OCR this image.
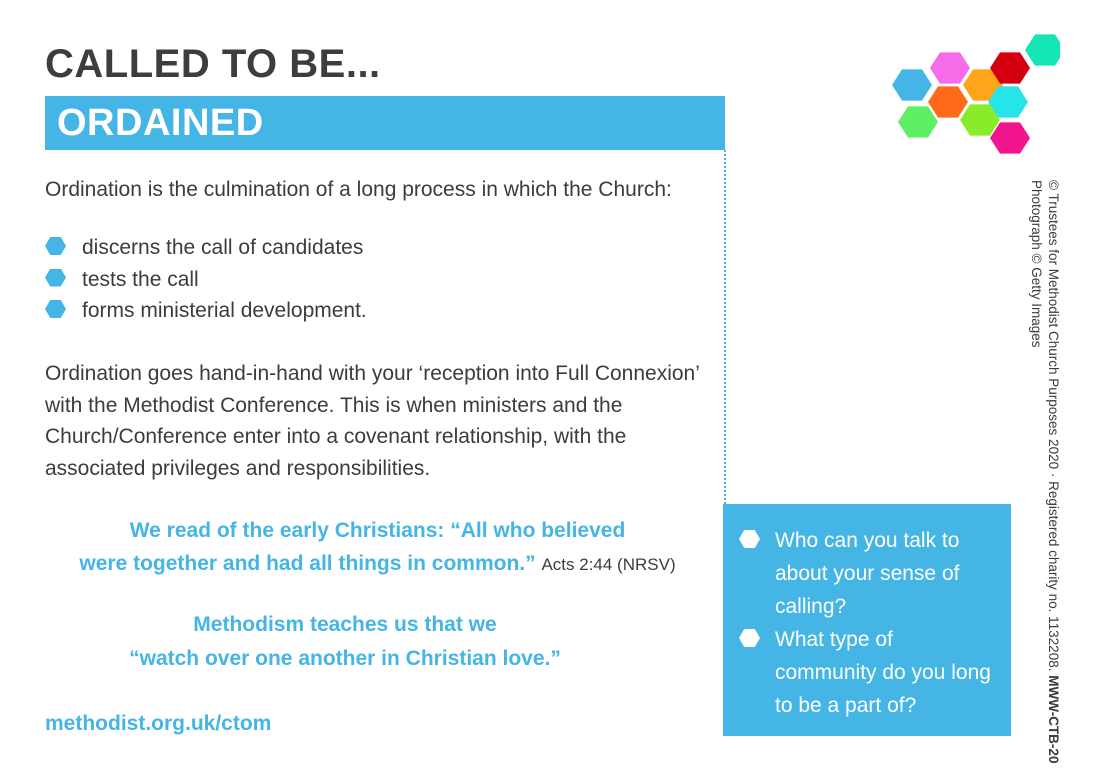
CALLED TO BE...
ORDAINED
Ordination is the culmination of a long process in which the Church:
discerns the call of candidates
tests the call
forms ministerial development.
Ordination goes hand-in-hand with your ‘reception into Full Connexion’ with the Methodist Conference. This is when ministers and the Church/Conference enter into a covenant relationship, with the associated privileges and responsibilities.
We read of the early Christians: “All who believed
were together and had all things in common.” Acts 2:44 (NRSV)
Methodism teaches us that we
“watch over one another in Christian love.”
methodist.org.uk/ctom
Who can you talk to about your sense of calling?
What type of community do you long to be a part of?
© Trustees for Methodist Church Purposes 2020 · Registered charity no. 1132208. MWW-CTB-20
Photograph © Getty Images
